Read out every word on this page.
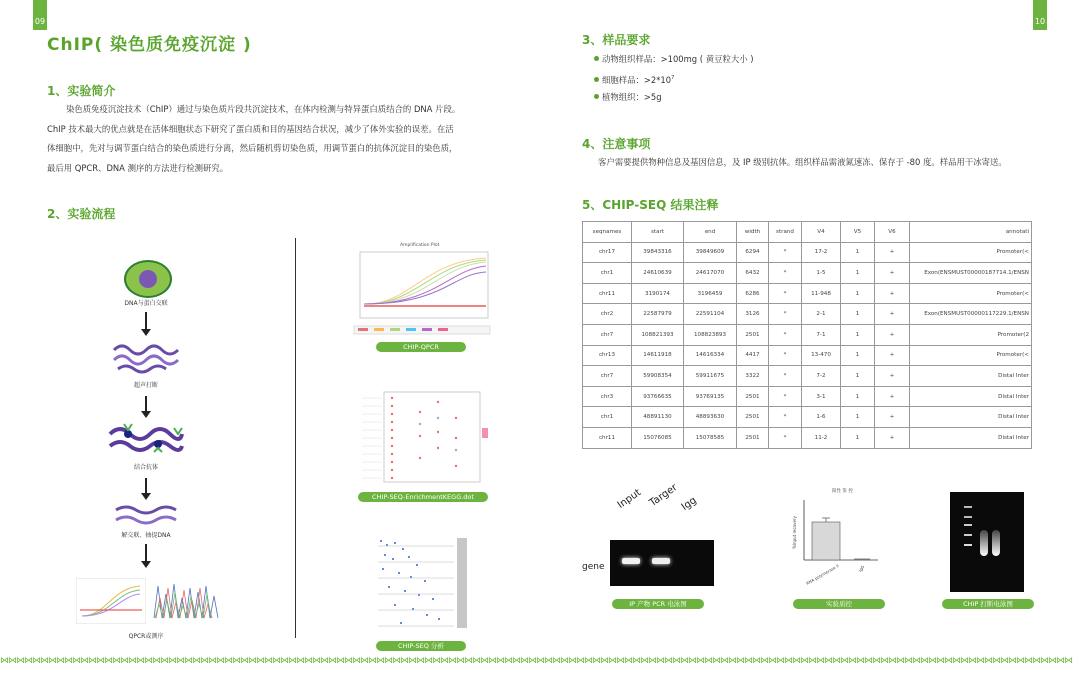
09	10
ChIP( 染色质免疫沉淀 )
1、实验简介
染色质免疫沉淀技术（ChIP）通过与染色质片段共沉淀技术，在体内检测与特异蛋白质结合的 DNA 片段。
ChIP 技术最大的优点就是在活体细胞状态下研究了蛋白质和目的基因结合状况，减少了体外实验的误差。在活
体细胞中，先对与调节蛋白结合的染色质进行分离，然后随机剪切染色质，用调节蛋白的抗体沉淀目的染色质，
最后用 QPCR、DNA 测序的方法进行检测研究。
2、实验流程
DNA与蛋白交联
超声打断
结合抗体
解交联、抽提DNA
QPCR或测序
Amplification Plot
CHIP-QPCR
CHIP-SEQ-EnrichmentKEGG.dot
CHIP-SEQ 分析
3、样品要求
动物组织样品：>100mg ( 黄豆粒大小 )
细胞样品：$>2*10^7$
植物组织：>5g
4、注意事项
客户需要提供物种信息及基因信息，及 IP 级别抗体。组织样品需液氮速冻、保存于 -80 度。样品用干冰寄送。
5、CHIP-SEQ 结果注释
seqnames	start	end	width	strand	V4	V5	V6	annotati
chr17	39843316	39849609	6294	*	17-2	1	+	Promoter(<
chr1	24610639	24617070	6432	*	1-5	1	+	Exon(ENSMUST00000187714.1/ENSN
chr11	3190174	3196459	6286	*	11-948	1	+	Promoter(<
chr2	22587979	22591104	3126	*	2-1	1	+	Exon(ENSMUST00000117229.1/ENSN
chr7	108821393	108823893	2501	*	7-1	1	+	Promoter(2
chr13	14611918	14616334	4417	*	13-470	1	+	Promoter(<
chr7	59908354	59911675	3322	*	7-2	1	+	Distal Inter
chr3	93766635	93769135	2501	*	3-1	1	+	Distal Inter
chr1	48891130	48893630	2501	*	1-6	1	+	Distal Inter
chr11	15076085	15078585	2501	*	11-2	1	+	Distal Inter
Input Targer Igg
gene
IP 产物 PCR 电泳图
阳性 鉴 控
%Input recovery
RNA polymerase II	IgG
实验质控	CHIP 打断电泳图
⋈⋈⋈⋈⋈⋈⋈⋈⋈⋈⋈⋈⋈⋈⋈⋈⋈⋈⋈⋈⋈⋈⋈⋈⋈⋈⋈⋈⋈⋈⋈⋈⋈⋈⋈⋈⋈⋈⋈⋈⋈⋈⋈⋈⋈⋈⋈⋈⋈⋈⋈⋈⋈⋈⋈⋈⋈⋈⋈⋈⋈⋈⋈⋈⋈⋈⋈⋈⋈⋈⋈⋈⋈⋈⋈⋈⋈⋈⋈⋈⋈⋈⋈⋈⋈⋈⋈⋈⋈⋈⋈⋈⋈⋈⋈⋈⋈⋈⋈⋈⋈⋈⋈⋈⋈⋈⋈⋈⋈⋈⋈⋈⋈⋈⋈⋈⋈⋈⋈⋈⋈⋈⋈⋈⋈⋈⋈⋈⋈⋈⋈⋈⋈⋈
